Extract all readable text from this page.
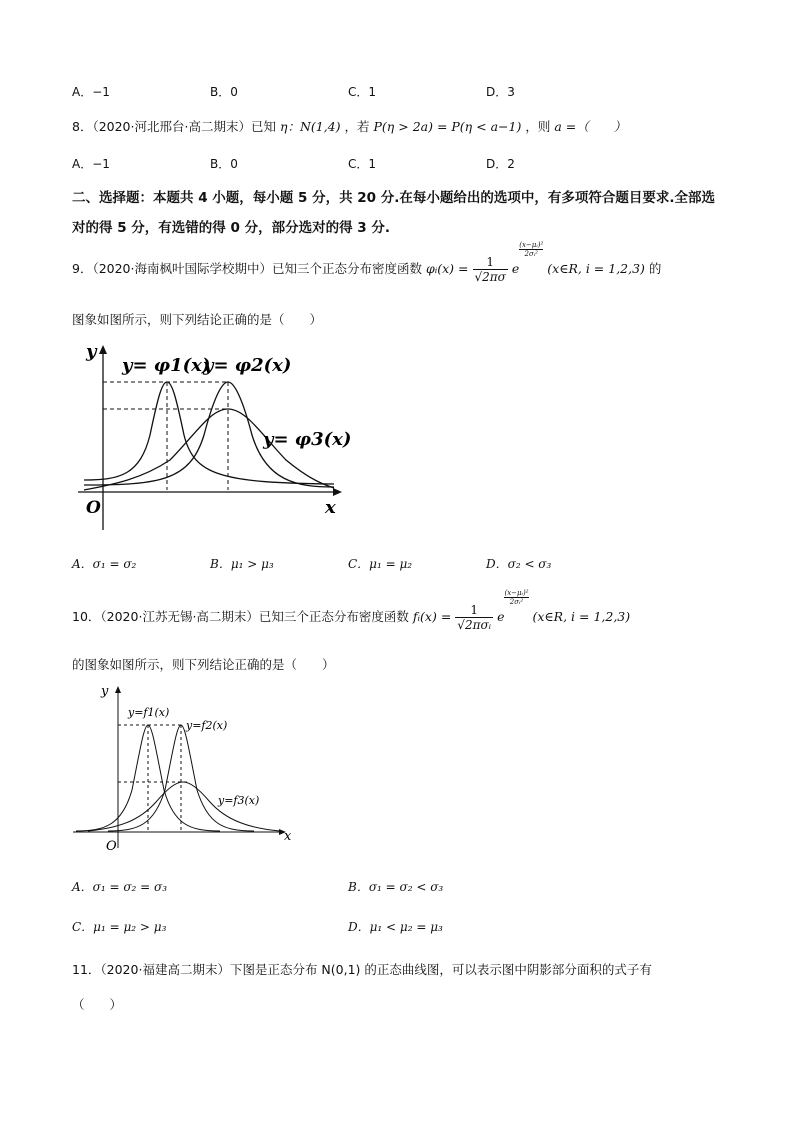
A．−1	B．0	C．1	D．3
8．（2020·河北邢台·高二期末）已知 η：N(1,4) ，若 P(η > 2a) = P(η < a−1) ，则 a =（　　）
A．−1	B．0	C．1	D．2
二、选择题：本题共 4 小题，每小题 5 分，共 20 分.在每小题给出的选项中，有多项符合题目要求.全部选
对的得 5 分，有选错的得 0 分，部分选对的得 3 分.
9．（2020·海南枫叶国际学校期中）已知三个正态分布密度函数 φᵢ(x) = $\frac{1}{√2\pi\sigma}$ e
$\frac{\text{(x−μᵢ)²}}{\text{2σᵢ²}}$
(x∈R, i = 1,2,3) 的
图象如图所示，则下列结论正确的是（　　）
y
x
O
y= φ1(x)
y= φ2(x)
y= φ3(x)
A．σ₁ = σ₂	B．μ₁ > μ₃	C．μ₁ = μ₂	D．σ₂ < σ₃
10．（2020·江苏无锡·高二期末）已知三个正态分布密度函数 fᵢ(x) = $\frac{1}{\text{√2πσᵢ}}$ e
$\frac{\text{(x−μᵢ)²}}{\text{2σᵢ²}}$
(x∈R, i = 1,2,3)
的图象如图所示，则下列结论正确的是（　　）
y
x
O
y=f1(x)
y=f2(x)
y=f3(x)
A．σ₁ = σ₂ = σ₃	B．σ₁ = σ₂ < σ₃
C．μ₁ = μ₂ > μ₃	D．μ₁ < μ₂ = μ₃
11．（2020·福建高二期末）下图是正态分布 N(0,1) 的正态曲线图，可以表示图中阴影部分面积的式子有
（　　）
